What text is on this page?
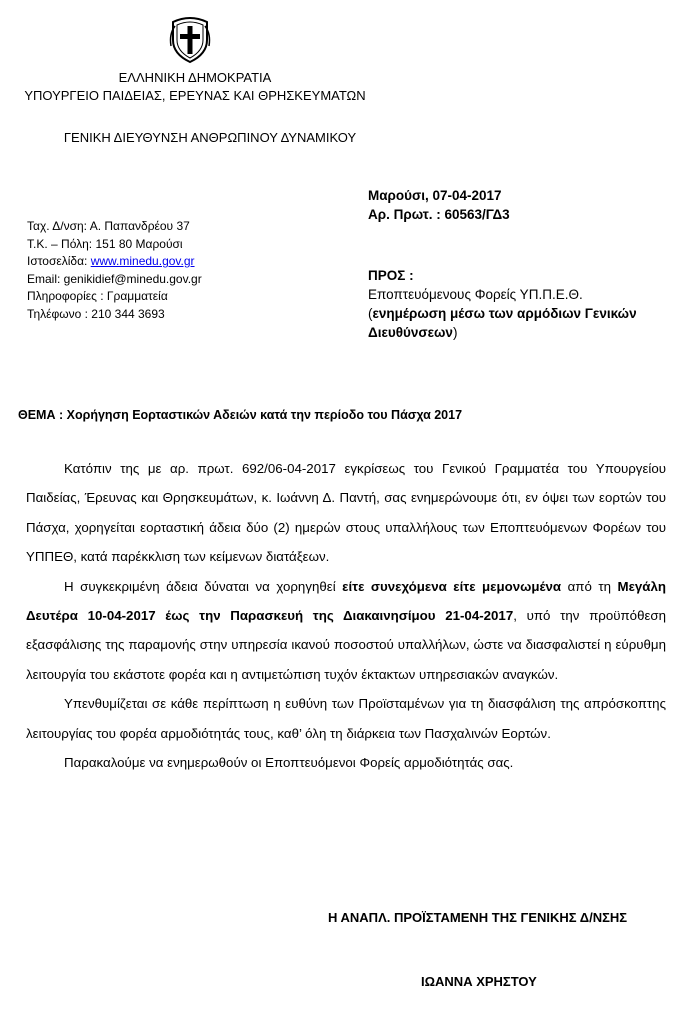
ΕΛΛΗΝΙΚΗ ΔΗΜΟΚΡΑΤΙΑ
ΥΠΟΥΡΓΕΙΟ ΠΑΙΔΕΙΑΣ, ΕΡΕΥΝΑΣ ΚΑΙ ΘΡΗΣΚΕΥΜΑΤΩΝ
ΓΕΝΙΚΗ ΔΙΕΥΘΥΝΣΗ ΑΝΘΡΩΠΙΝΟΥ ΔΥΝΑΜΙΚΟΥ
Ταχ. Δ/νση: Α. Παπανδρέου 37
Τ.Κ. – Πόλη: 151 80 Μαρούσι
Ιστοσελίδα: www.minedu.gov.gr
Email: genikidief@minedu.gov.gr
Πληροφορίες : Γραμματεία
Τηλέφωνο : 210 344 3693
Μαρούσι, 07-04-2017
Αρ. Πρωτ. : 60563/ΓΔ3
ΠΡΟΣ :
Εποπτευόμενους Φορείς ΥΠ.Π.Ε.Θ.
(ενημέρωση μέσω των αρμόδιων Γενικών
Διευθύνσεων)
ΘΕΜΑ : Χορήγηση Εορταστικών Αδειών κατά την περίοδο του Πάσχα 2017

Κατόπιν της με αρ. πρωτ. 692/06-04-2017 εγκρίσεως του Γενικού Γραμματέα του Υπουργείου Παιδείας, Έρευνας και Θρησκευμάτων, κ. Ιωάννη Δ. Παντή, σας ενημερώνουμε ότι, εν όψει των εορτών του Πάσχα, χορηγείται εορταστική άδεια δύο (2) ημερών στους υπαλλήλους των Εποπτευόμενων Φορέων του ΥΠΠΕΘ, κατά παρέκκλιση των κείμενων διατάξεων.

Η συγκεκριμένη άδεια δύναται να χορηγηθεί είτε συνεχόμενα είτε μεμονωμένα από τη Μεγάλη Δευτέρα 10-04-2017 έως την Παρασκευή της Διακαινησίμου 21-04-2017, υπό την προϋπόθεση εξασφάλισης της παραμονής στην υπηρεσία ικανού ποσοστού υπαλλήλων, ώστε να διασφαλιστεί η εύρυθμη λειτουργία του εκάστοτε φορέα και η αντιμετώπιση τυχόν έκτακτων υπηρεσιακών αναγκών.

Υπενθυμίζεται σε κάθε περίπτωση η ευθύνη των Προϊσταμένων για τη διασφάλιση της απρόσκοπτης λειτουργίας του φορέα αρμοδιότητάς τους, καθ’ όλη τη διάρκεια των Πασχαλινών Εορτών.

Παρακαλούμε να ενημερωθούν οι Εποπτευόμενοι Φορείς αρμοδιότητάς σας.

Η ΑΝΑΠΛ. ΠΡΟΪΣΤΑΜΕΝΗ ΤΗΣ ΓΕΝΙΚΗΣ Δ/ΝΣΗΣ
ΙΩΑΝΝΑ ΧΡΗΣΤΟΥ
